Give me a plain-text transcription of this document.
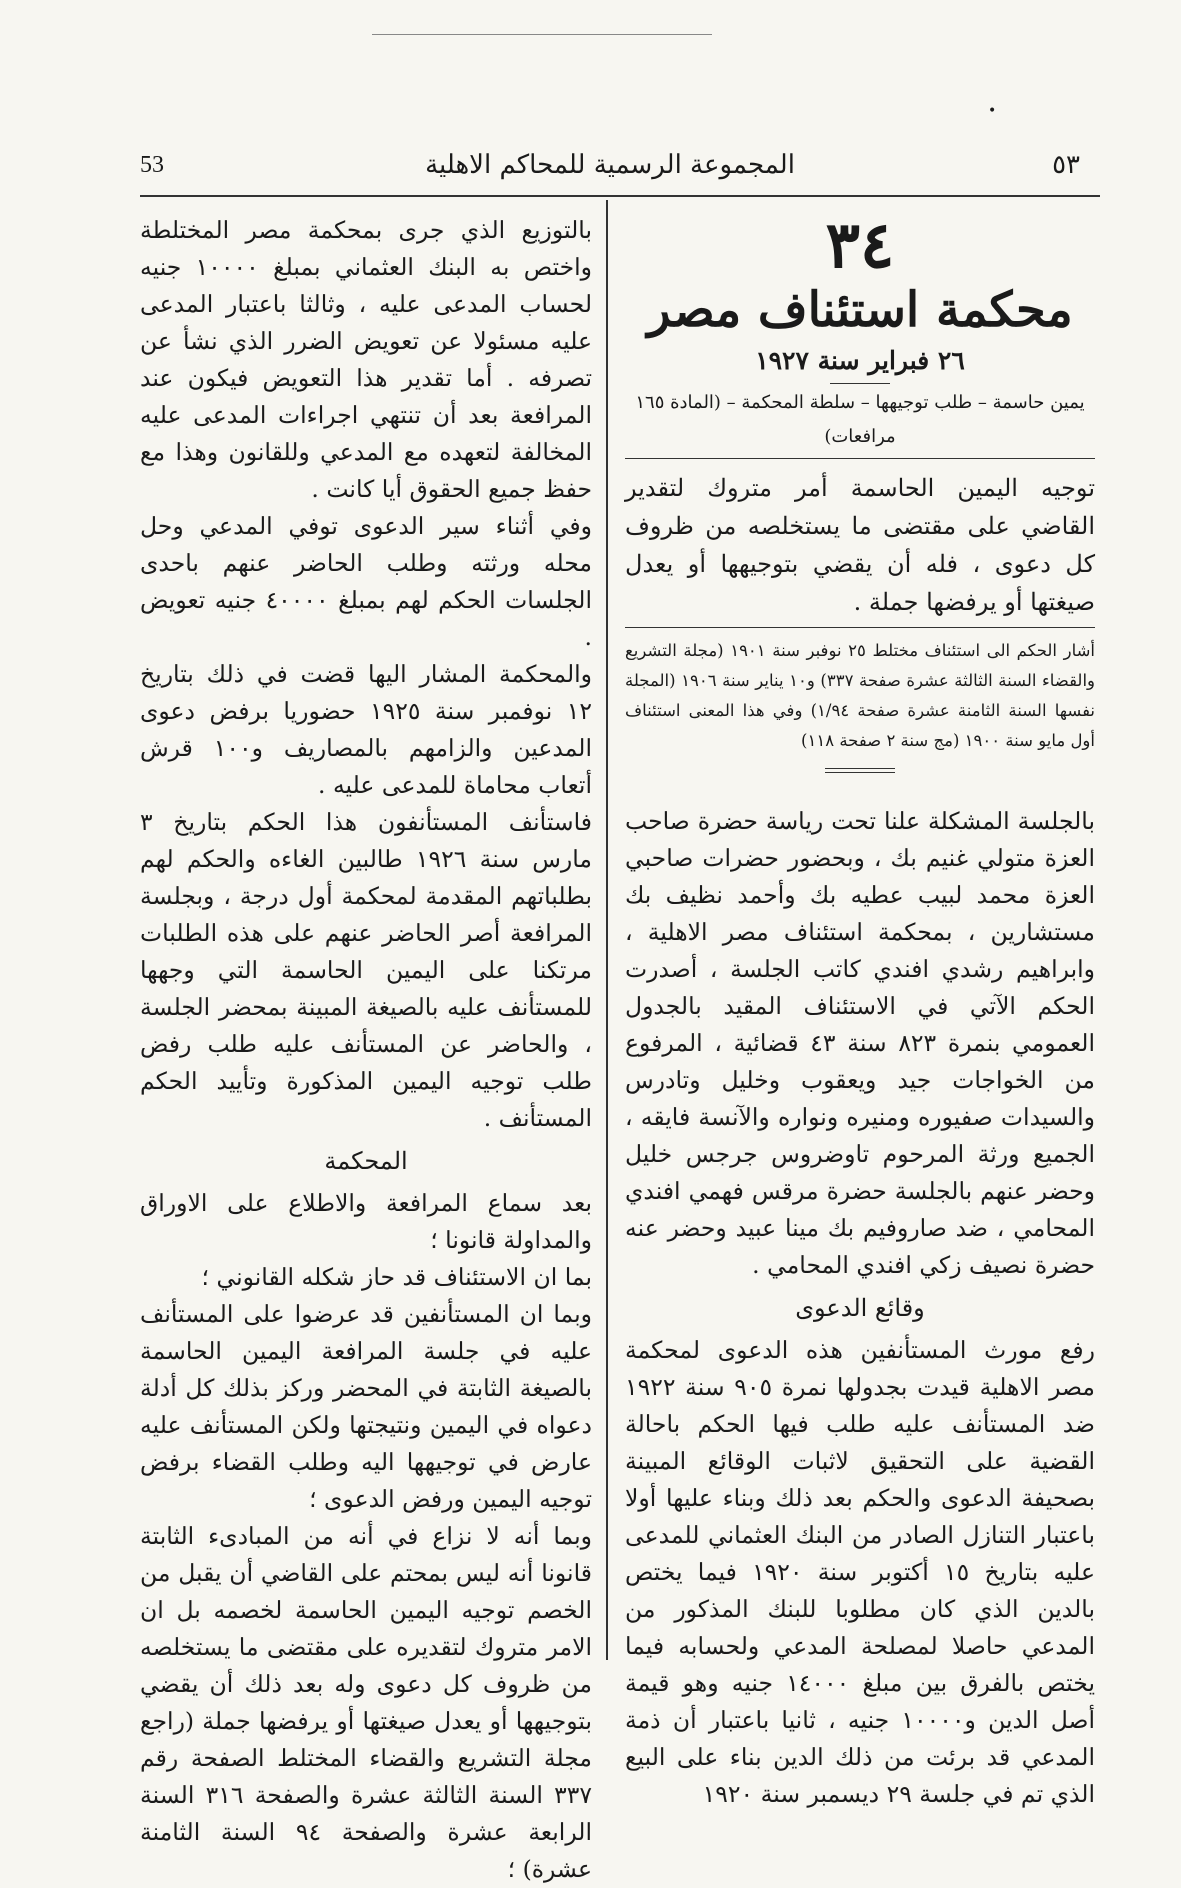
•
٥٣
المجموعة الرسمية للمحاكم الاهلية
53
٣٤
محكمة استئناف مصر
٢٦ فبراير سنة ١٩٢٧
يمين حاسمة – طلب توجيهها – سلطة المحكمة – (المادة ١٦٥ مرافعات)
توجيه اليمين الحاسمة أمر متروك لتقدير القاضي على مقتضى ما يستخلصه من ظروف كل دعوى ، فله أن يقضي بتوجيهها أو يعدل صيغتها أو يرفضها جملة .
أشار الحكم الى استئناف مختلط ٢٥ نوفبر سنة ١٩٠١ (مجلة التشريع والقضاء السنة الثالثة عشرة صفحة ٣٣٧) و١٠ يناير سنة ١٩٠٦ (المجلة نفسها السنة الثامنة عشرة صفحة ١/٩٤) وفي هذا المعنى استئناف أول مايو سنة ١٩٠٠ (مج سنة ٢ صفحة ١١٨)

بالجلسة المشكلة علنا تحت رياسة حضرة صاحب العزة متولي غنيم بك ، وبحضور حضرات صاحبي العزة محمد لبيب عطيه بك وأحمد نظيف بك مستشارين ، بمحكمة استئناف مصر الاهلية ، وابراهيم رشدي افندي كاتب الجلسة ، أصدرت الحكم الآتي في الاستئناف المقيد بالجدول العمومي بنمرة ٨٢٣ سنة ٤٣ قضائية ، المرفوع من الخواجات جيد ويعقوب وخليل وتادرس والسيدات صفيوره ومنيره ونواره والآنسة فايقه ، الجميع ورثة المرحوم تاوضروس جرجس خليل وحضر عنهم بالجلسة حضرة مرقس فهمي افندي المحامي ، ضد صاروفيم بك مينا عبيد وحضر عنه حضرة نصيف زكي افندي المحامي .

وقائع الدعوى

رفع مورث المستأنفين هذه الدعوى لمحكمة مصر الاهلية قيدت بجدولها نمرة ٩٠٥ سنة ١٩٢٢ ضد المستأنف عليه طلب فيها الحكم باحالة القضية على التحقيق لاثبات الوقائع المبينة بصحيفة الدعوى والحكم بعد ذلك وبناء عليها أولا باعتبار التنازل الصادر من البنك العثماني للمدعى عليه بتاريخ ١٥ أكتوبر سنة ١٩٢٠ فيما يختص بالدين الذي كان مطلوبا للبنك المذكور من المدعي حاصلا لمصلحة المدعي ولحسابه فيما يختص بالفرق بين مبلغ ١٤٠٠٠ جنيه وهو قيمة أصل الدين و١٠٠٠٠ جنيه ، ثانيا باعتبار أن ذمة المدعي قد برئت من ذلك الدين بناء على البيع الذي تم في جلسة ٢٩ ديسمبر سنة ١٩٢٠

بالتوزيع الذي جرى بمحكمة مصر المختلطة واختص به البنك العثماني بمبلغ ١٠٠٠٠ جنيه لحساب المدعى عليه ، وثالثا باعتبار المدعى عليه مسئولا عن تعويض الضرر الذي نشأ عن تصرفه . أما تقدير هذا التعويض فيكون عند المرافعة بعد أن تنتهي اجراءات المدعى عليه المخالفة لتعهده مع المدعي وللقانون وهذا مع حفظ جميع الحقوق أيا كانت .

وفي أثناء سير الدعوى توفي المدعي وحل محله ورثته وطلب الحاضر عنهم باحدى الجلسات الحكم لهم بمبلغ ٤٠٠٠٠ جنيه تعويض .

والمحكمة المشار اليها قضت في ذلك بتاريخ ١٢ نوفمبر سنة ١٩٢٥ حضوريا برفض دعوى المدعين والزامهم بالمصاريف و١٠٠ قرش أتعاب محاماة للمدعى عليه .

فاستأنف المستأنفون هذا الحكم بتاريخ ٣ مارس سنة ١٩٢٦ طالبين الغاءه والحكم لهم بطلباتهم المقدمة لمحكمة أول درجة ، وبجلسة المرافعة أصر الحاضر عنهم على هذه الطلبات مرتكنا على اليمين الحاسمة التي وجهها للمستأنف عليه بالصيغة المبينة بمحضر الجلسة ، والحاضر عن المستأنف عليه طلب رفض طلب توجيه اليمين المذكورة وتأييد الحكم المستأنف .

المحكمة

بعد سماع المرافعة والاطلاع على الاوراق والمداولة قانونا ؛

بما ان الاستئناف قد حاز شكله القانوني ؛

وبما ان المستأنفين قد عرضوا على المستأنف عليه في جلسة المرافعة اليمين الحاسمة بالصيغة الثابتة في المحضر وركز بذلك كل أدلة دعواه في اليمين ونتيجتها ولكن المستأنف عليه عارض في توجيهها اليه وطلب القضاء برفض توجيه اليمين ورفض الدعوى ؛

وبما أنه لا نزاع في أنه من المبادىء الثابتة قانونا أنه ليس بمحتم على القاضي أن يقبل من الخصم توجيه اليمين الحاسمة لخصمه بل ان الامر متروك لتقديره على مقتضى ما يستخلصه من ظروف كل دعوى وله بعد ذلك أن يقضي بتوجيهها أو يعدل صيغتها أو يرفضها جملة (راجع مجلة التشريع والقضاء المختلط الصفحة رقم ٣٣٧ السنة الثالثة عشرة والصفحة ٣١٦ السنة الرابعة عشرة والصفحة ٩٤ السنة الثامنة عشرة) ؛
